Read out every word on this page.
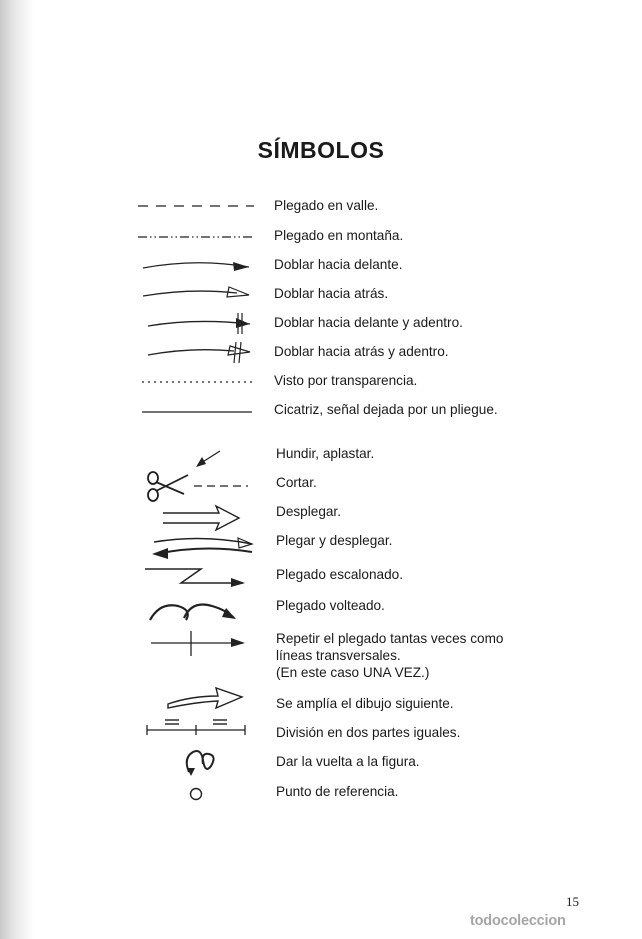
SÍMBOLOS
Plegado en valle.
Plegado en montaña.
Doblar hacia delante.
Doblar hacia atrás.
Doblar hacia delante y adentro.
Doblar hacia atrás y adentro.
Visto por transparencia.
Cicatriz, señal dejada por un pliegue.
Hundir, aplastar.
Cortar.
Desplegar.
Plegar y desplegar.
Plegado escalonado.
Plegado volteado.
Repetir el plegado tantas veces como
líneas transversales.
(En este caso UNA VEZ.)
Se amplía el dibujo siguiente.
División en dos partes iguales.
Dar la vuelta a la figura.
Punto de referencia.
15
todocoleccion
